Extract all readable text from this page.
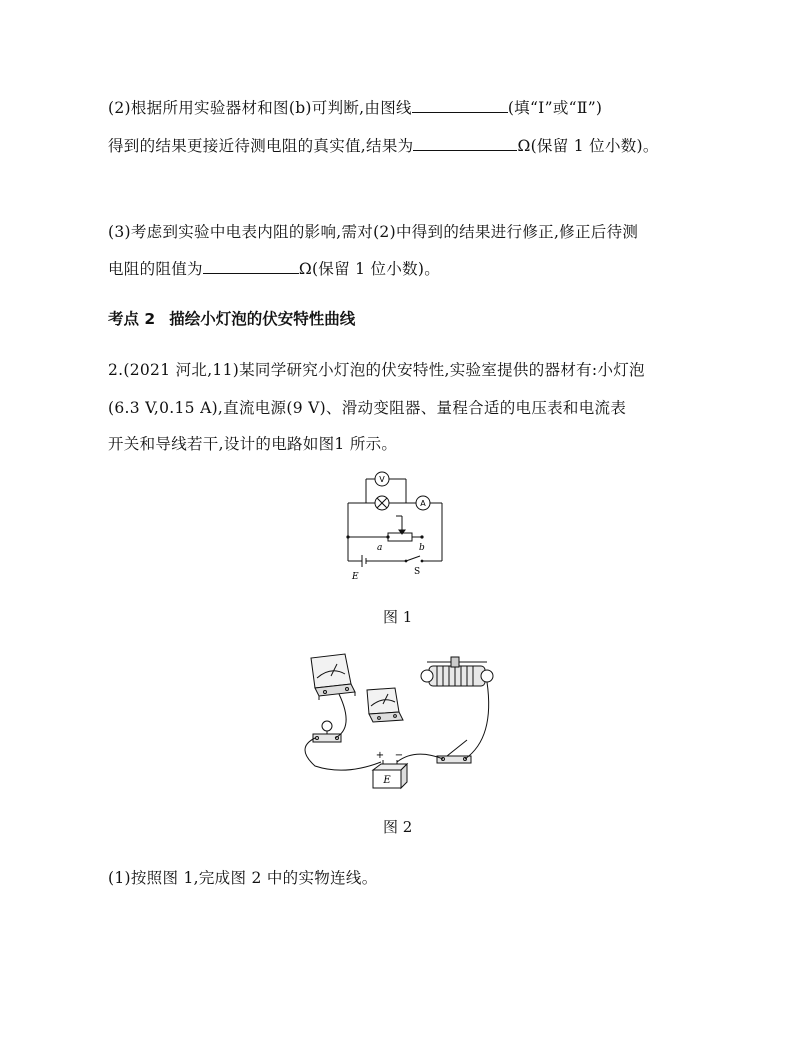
(2)根据所用实验器材和图(b)可判断,由图线	(填“Ⅰ”或“Ⅱ”)
得到的结果更接近待测电阻的真实值,结果为	Ω(保留 1 位小数)。
(3)考虑到实验中电表内阻的影响,需对(2)中得到的结果进行修正,修正后待测
电阻的阻值为	Ω(保留 1 位小数)。
考点 2 描绘小灯泡的伏安特性曲线
2.(2021 河北,11)某同学研究小灯泡的伏安特性,实验室提供的器材有:小灯泡
(6.3 V,0.15 A),直流电源(9 V)、滑动变阻器、量程合适的电压表和电流表
开关和导线若干,设计的电路如图1 所示。
V
A
a	b
E	S
图 1
E
+ −
图 2
(1)按照图 1,完成图 2 中的实物连线。
